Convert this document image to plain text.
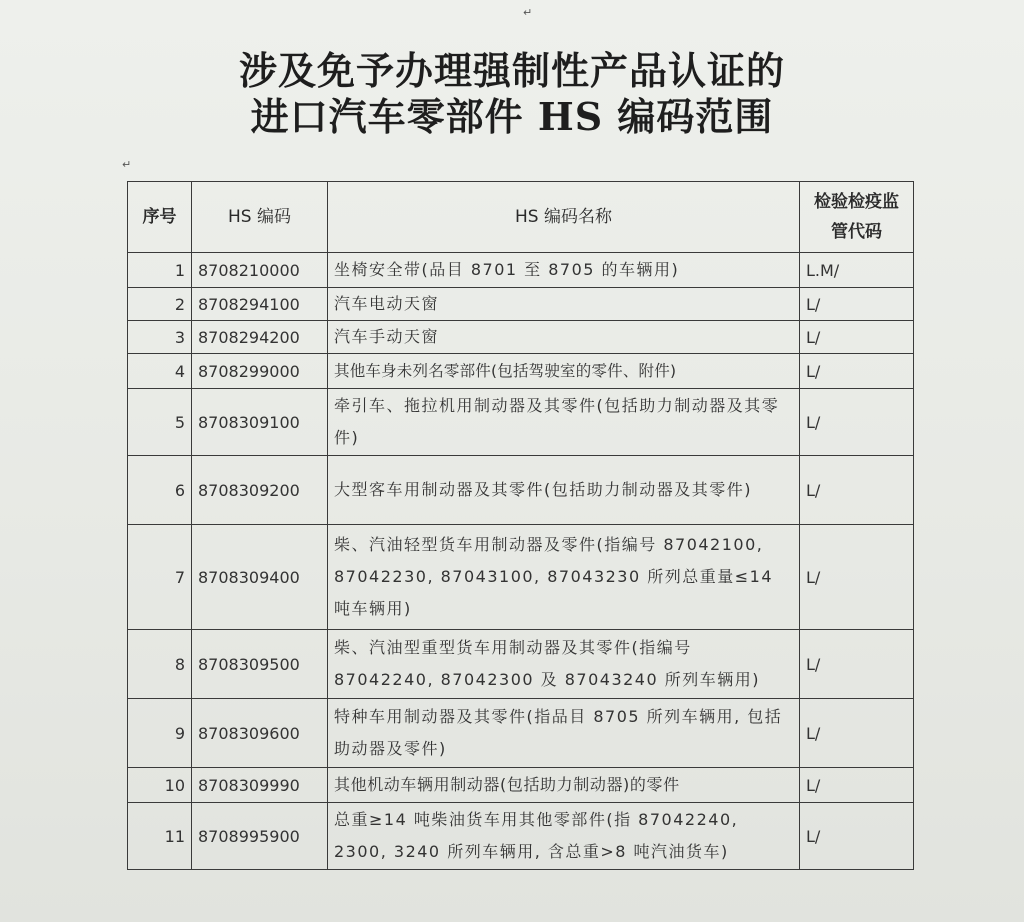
涉及免予办理强制性产品认证的
进口汽车零部件 HS 编码范围
↵
↵
序号	HS 编码	HS 编码名称	检验检疫监管代码
1	8708210000	坐椅安全带(品目 8701 至 8705 的车辆用)	L.M/
2	8708294100	汽车电动天窗	L/
3	8708294200	汽车手动天窗	L/
4	8708299000	其他车身未列名零部件(包括驾驶室的零件、附件)	L/
5	8708309100	牵引车、拖拉机用制动器及其零件(包括助力制动器及其零件)	L/
6	8708309200	大型客车用制动器及其零件(包括助力制动器及其零件)	L/
7	8708309400	柴、汽油轻型货车用制动器及零件(指编号 87042100, 87042230, 87043100, 87043230 所列总重量≤14 吨车辆用)	L/
8	8708309500	柴、汽油型重型货车用制动器及其零件(指编号 87042240, 87042300 及 87043240 所列车辆用)	L/
9	8708309600	特种车用制动器及其零件(指品目 8705 所列车辆用, 包括助动器及零件)	L/
10	8708309990	其他机动车辆用制动器(包括助力制动器)的零件	L/
11	8708995900	总重≥14 吨柴油货车用其他零部件(指 87042240, 2300, 3240 所列车辆用, 含总重>8 吨汽油货车)	L/
